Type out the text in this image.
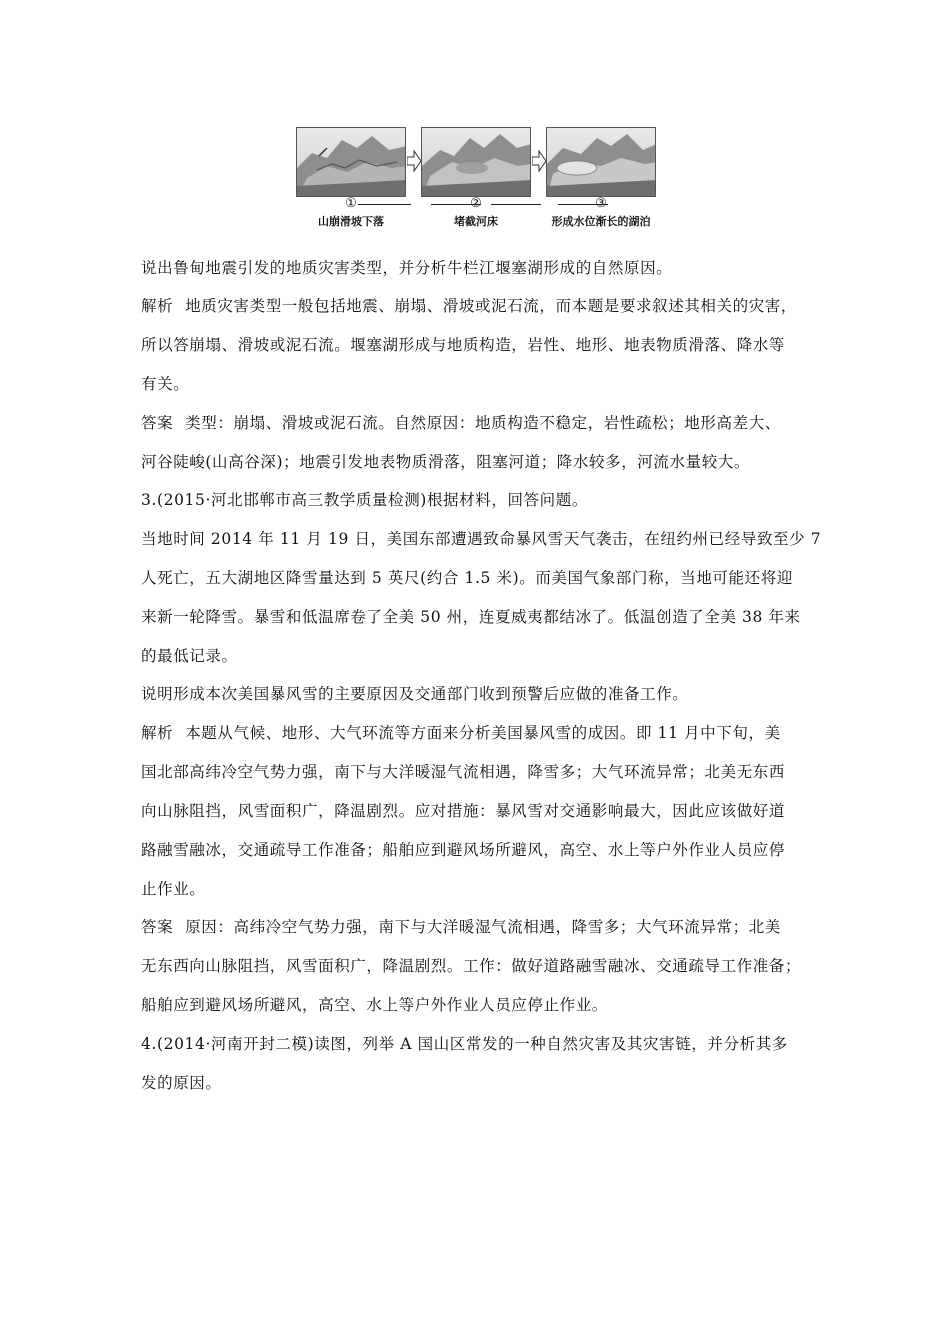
①	②	③
山崩滑坡下落	堵截河床	形成水位渐长的湖泊
说出鲁甸地震引发的地质灾害类型，并分析牛栏江堰塞湖形成的自然原因。
解析 地质灾害类型一般包括地震、崩塌、滑坡或泥石流，而本题是要求叙述其相关的灾害，
所以答崩塌、滑坡或泥石流。堰塞湖形成与地质构造，岩性、地形、地表物质滑落、降水等
有关。
答案 类型：崩塌、滑坡或泥石流。自然原因：地质构造不稳定，岩性疏松；地形高差大、
河谷陡峻(山高谷深)；地震引发地表物质滑落，阻塞河道；降水较多，河流水量较大。
3.(2015·河北邯郸市高三教学质量检测)根据材料，回答问题。
当地时间 2014 年 11 月 19 日，美国东部遭遇致命暴风雪天气袭击，在纽约州已经导致至少 7
人死亡，五大湖地区降雪量达到 5 英尺(约合 1.5 米)。而美国气象部门称，当地可能还将迎
来新一轮降雪。暴雪和低温席卷了全美 50 州，连夏威夷都结冰了。低温创造了全美 38 年来
的最低记录。
说明形成本次美国暴风雪的主要原因及交通部门收到预警后应做的准备工作。
解析 本题从气候、地形、大气环流等方面来分析美国暴风雪的成因。即 11 月中下旬，美
国北部高纬冷空气势力强，南下与大洋暖湿气流相遇，降雪多；大气环流异常；北美无东西
向山脉阻挡，风雪面积广，降温剧烈。应对措施：暴风雪对交通影响最大，因此应该做好道
路融雪融冰，交通疏导工作准备；船舶应到避风场所避风，高空、水上等户外作业人员应停
止作业。
答案 原因：高纬冷空气势力强，南下与大洋暖湿气流相遇，降雪多；大气环流异常；北美
无东西向山脉阻挡，风雪面积广，降温剧烈。工作：做好道路融雪融冰、交通疏导工作准备；
船舶应到避风场所避风，高空、水上等户外作业人员应停止作业。
4.(2014·河南开封二模)读图，列举 A 国山区常发的一种自然灾害及其灾害链，并分析其多
发的原因。
